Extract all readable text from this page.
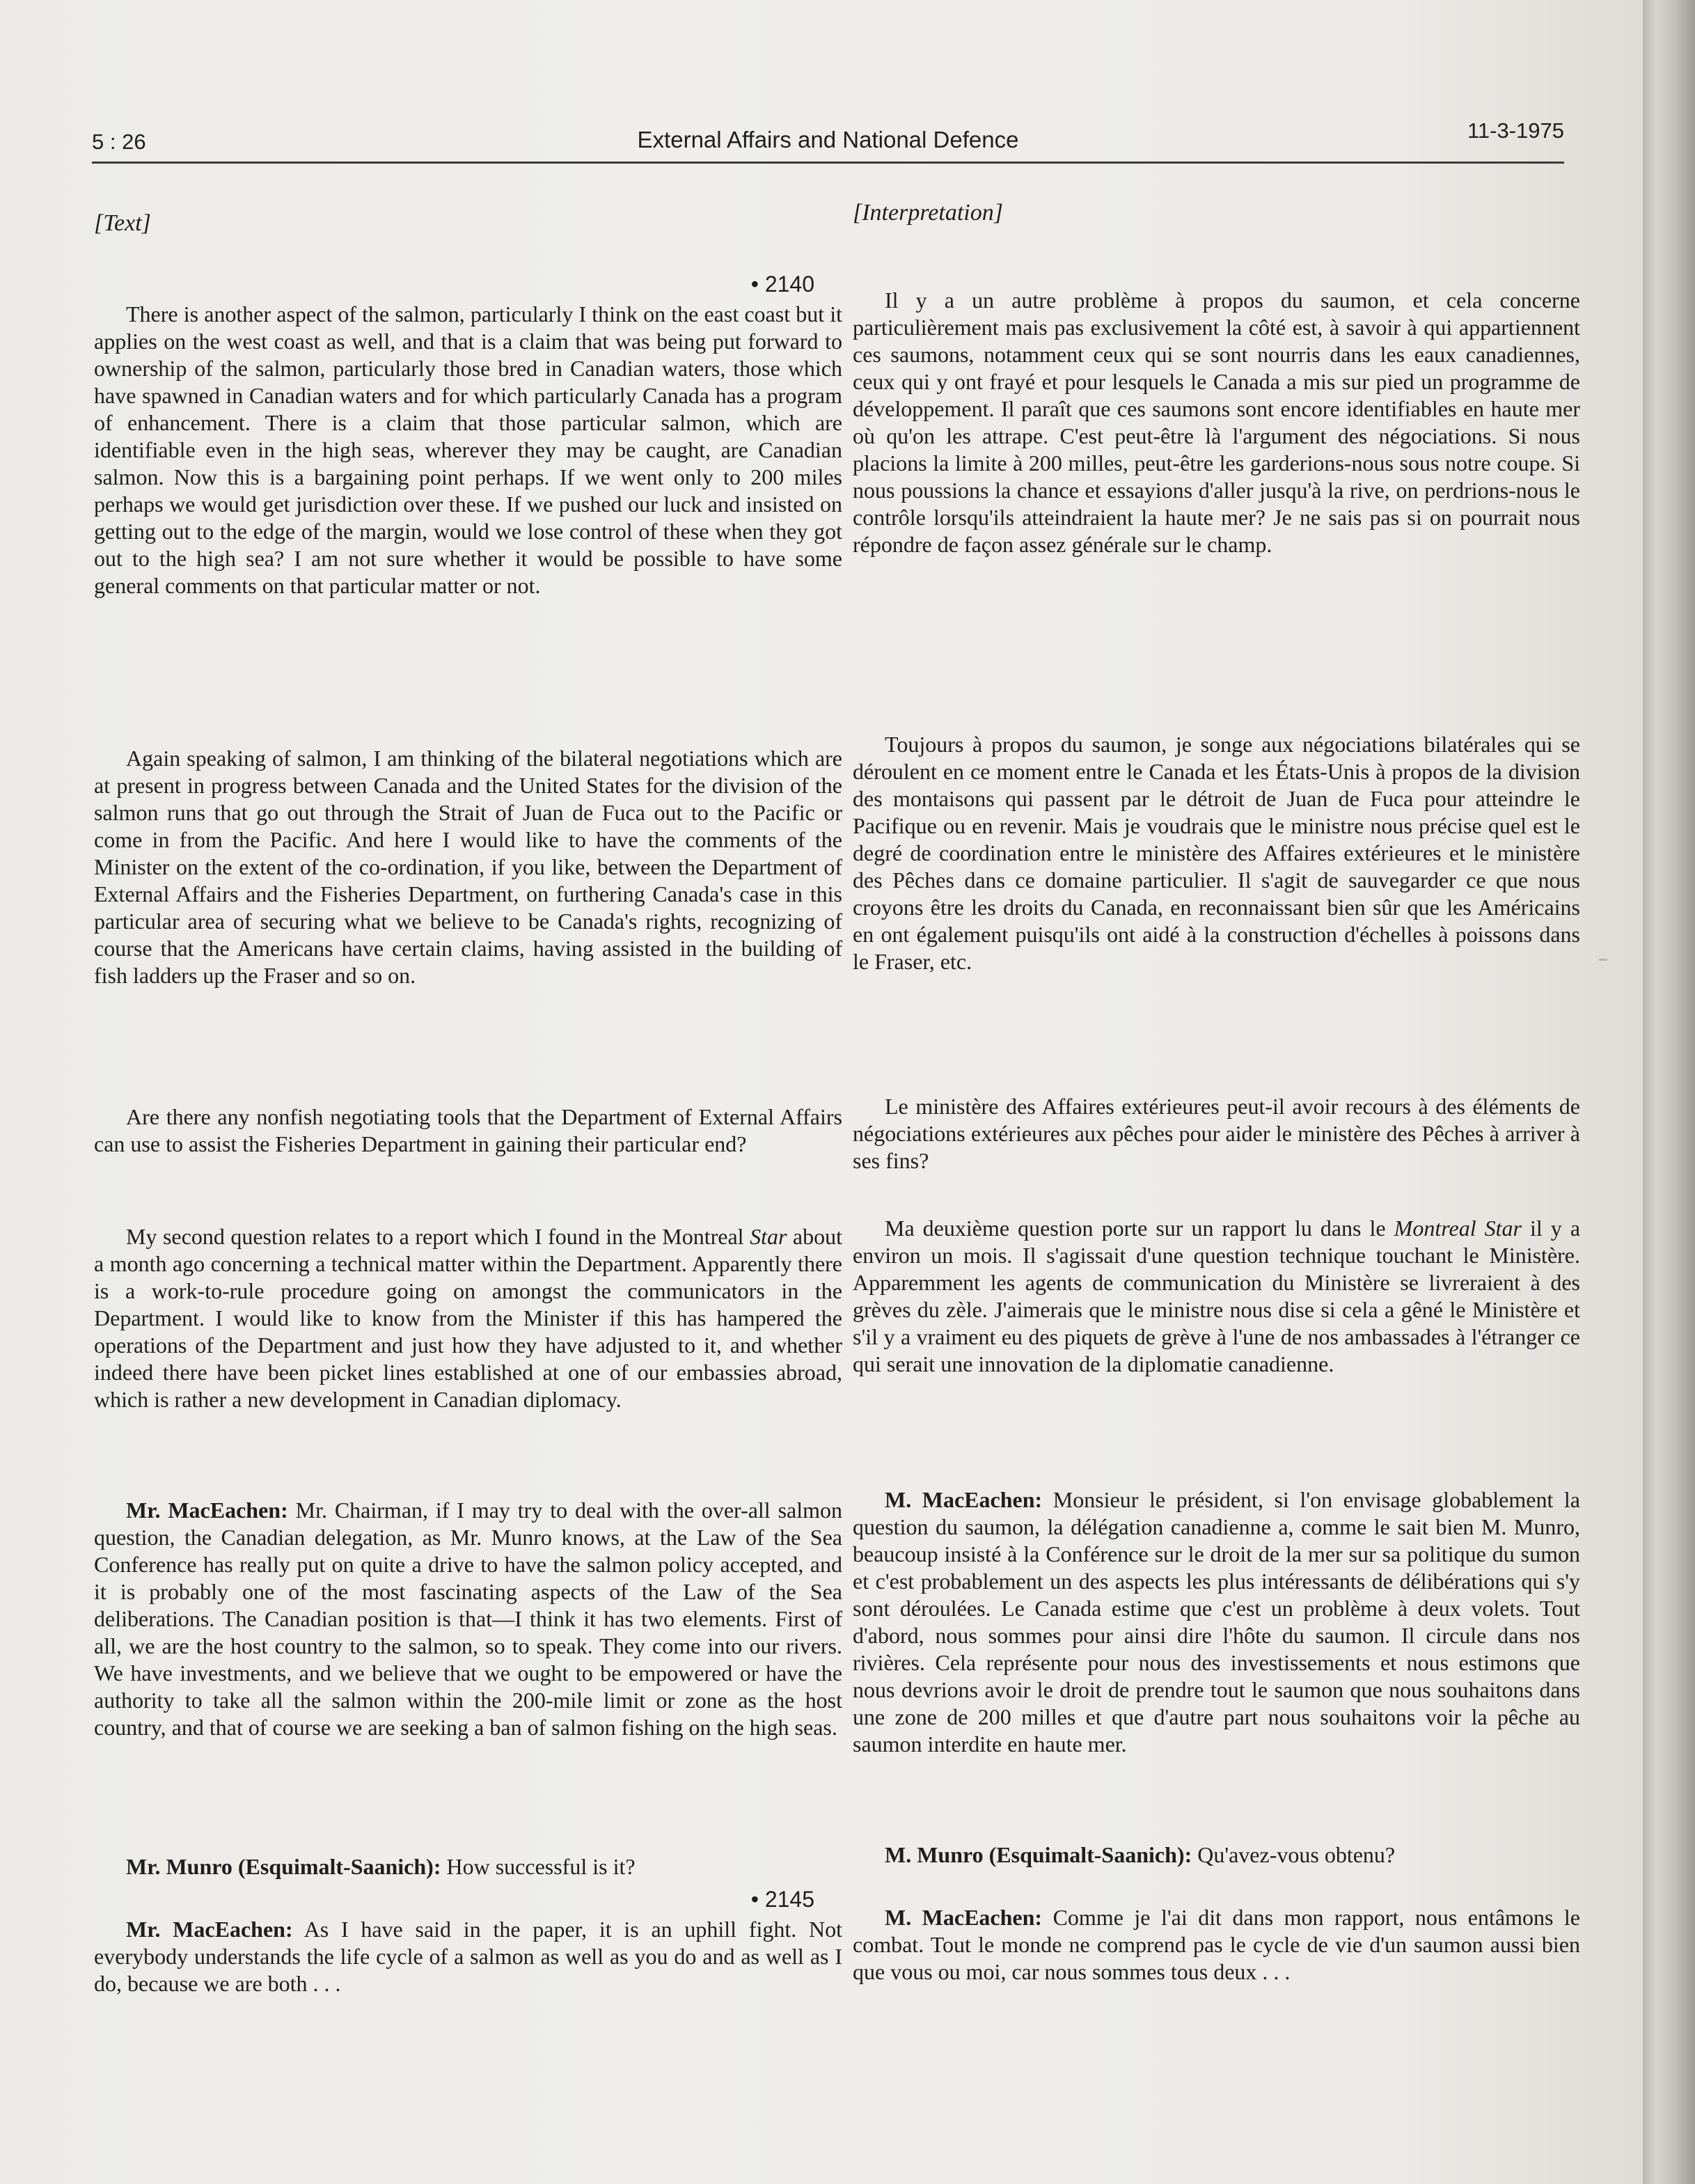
5 : 26	External Affairs and National Defence	11-3-1975
[Text]
• 2140

There is another aspect of the salmon, particularly I think on the east coast but it applies on the west coast as well, and that is a claim that was being put forward to ownership of the salmon, particularly those bred in Canadian waters, those which have spawned in Canadian waters and for which particularly Canada has a program of enhancement. There is a claim that those particular salmon, which are identifiable even in the high seas, wherever they may be caught, are Canadian salmon. Now this is a bargaining point perhaps. If we went only to 200 miles perhaps we would get jurisdiction over these. If we pushed our luck and insisted on getting out to the edge of the margin, would we lose control of these when they got out to the high sea? I am not sure whether it would be possible to have some general comments on that particular matter or not.

Again speaking of salmon, I am thinking of the bilateral negotiations which are at present in progress between Canada and the United States for the division of the salmon runs that go out through the Strait of Juan de Fuca out to the Pacific or come in from the Pacific. And here I would like to have the comments of the Minister on the extent of the co-ordination, if you like, between the Department of External Affairs and the Fisheries Department, on furthering Canada's case in this particular area of securing what we believe to be Canada's rights, recognizing of course that the Americans have certain claims, having assisted in the building of fish ladders up the Fraser and so on.

Are there any nonfish negotiating tools that the Department of External Affairs can use to assist the Fisheries Department in gaining their particular end?

My second question relates to a report which I found in the Montreal Star about a month ago concerning a technical matter within the Department. Apparently there is a work-to-rule procedure going on amongst the communicators in the Department. I would like to know from the Minister if this has hampered the operations of the Department and just how they have adjusted to it, and whether indeed there have been picket lines established at one of our embassies abroad, which is rather a new development in Canadian diplomacy.

Mr. MacEachen: Mr. Chairman, if I may try to deal with the over-all salmon question, the Canadian delegation, as Mr. Munro knows, at the Law of the Sea Conference has really put on quite a drive to have the salmon policy accepted, and it is probably one of the most fascinating aspects of the Law of the Sea deliberations. The Canadian position is that—I think it has two elements. First of all, we are the host country to the salmon, so to speak. They come into our rivers. We have investments, and we believe that we ought to be empowered or have the authority to take all the salmon within the 200-mile limit or zone as the host country, and that of course we are seeking a ban of salmon fishing on the high seas.

Mr. Munro (Esquimalt-Saanich): How successful is it?

• 2145

Mr. MacEachen: As I have said in the paper, it is an uphill fight. Not everybody understands the life cycle of a salmon as well as you do and as well as I do, because we are both . . .

[Interpretation]

Il y a un autre problème à propos du saumon, et cela concerne particulièrement mais pas exclusivement la côté est, à savoir à qui appartiennent ces saumons, notamment ceux qui se sont nourris dans les eaux canadiennes, ceux qui y ont frayé et pour lesquels le Canada a mis sur pied un programme de développement. Il paraît que ces saumons sont encore identifiables en haute mer où qu'on les attrape. C'est peut-être là l'argument des négociations. Si nous placions la limite à 200 milles, peut-être les garderions-nous sous notre coupe. Si nous poussions la chance et essayions d'aller jusqu'à la rive, on perdrions-nous le contrôle lorsqu'ils atteindraient la haute mer? Je ne sais pas si on pourrait nous répondre de façon assez générale sur le champ.

Toujours à propos du saumon, je songe aux négociations bilatérales qui se déroulent en ce moment entre le Canada et les États-Unis à propos de la division des montaisons qui passent par le détroit de Juan de Fuca pour atteindre le Pacifique ou en revenir. Mais je voudrais que le ministre nous précise quel est le degré de coordination entre le ministère des Affaires extérieures et le ministère des Pêches dans ce domaine particulier. Il s'agit de sauvegarder ce que nous croyons être les droits du Canada, en reconnaissant bien sûr que les Américains en ont également puisqu'ils ont aidé à la construction d'échelles à poissons dans le Fraser, etc.

Le ministère des Affaires extérieures peut-il avoir recours à des éléments de négociations extérieures aux pêches pour aider le ministère des Pêches à arriver à ses fins?

Ma deuxième question porte sur un rapport lu dans le Montreal Star il y a environ un mois. Il s'agissait d'une question technique touchant le Ministère. Apparemment les agents de communication du Ministère se livreraient à des grèves du zèle. J'aimerais que le ministre nous dise si cela a gêné le Ministère et s'il y a vraiment eu des piquets de grève à l'une de nos ambassades à l'étranger ce qui serait une innovation de la diplomatie canadienne.

M. MacEachen: Monsieur le président, si l'on envisage globablement la question du saumon, la délégation canadienne a, comme le sait bien M. Munro, beaucoup insisté à la Conférence sur le droit de la mer sur sa politique du sumon et c'est probablement un des aspects les plus intéressants de délibérations qui s'y sont déroulées. Le Canada estime que c'est un problème à deux volets. Tout d'abord, nous sommes pour ainsi dire l'hôte du saumon. Il circule dans nos rivières. Cela représente pour nous des investissements et nous estimons que nous devrions avoir le droit de prendre tout le saumon que nous souhaitons dans une zone de 200 milles et que d'autre part nous souhaitons voir la pêche au saumon interdite en haute mer.

M. Munro (Esquimalt-Saanich): Qu'avez-vous obtenu?

M. MacEachen: Comme je l'ai dit dans mon rapport, nous entâmons le combat. Tout le monde ne comprend pas le cycle de vie d'un saumon aussi bien que vous ou moi, car nous sommes tous deux . . .
